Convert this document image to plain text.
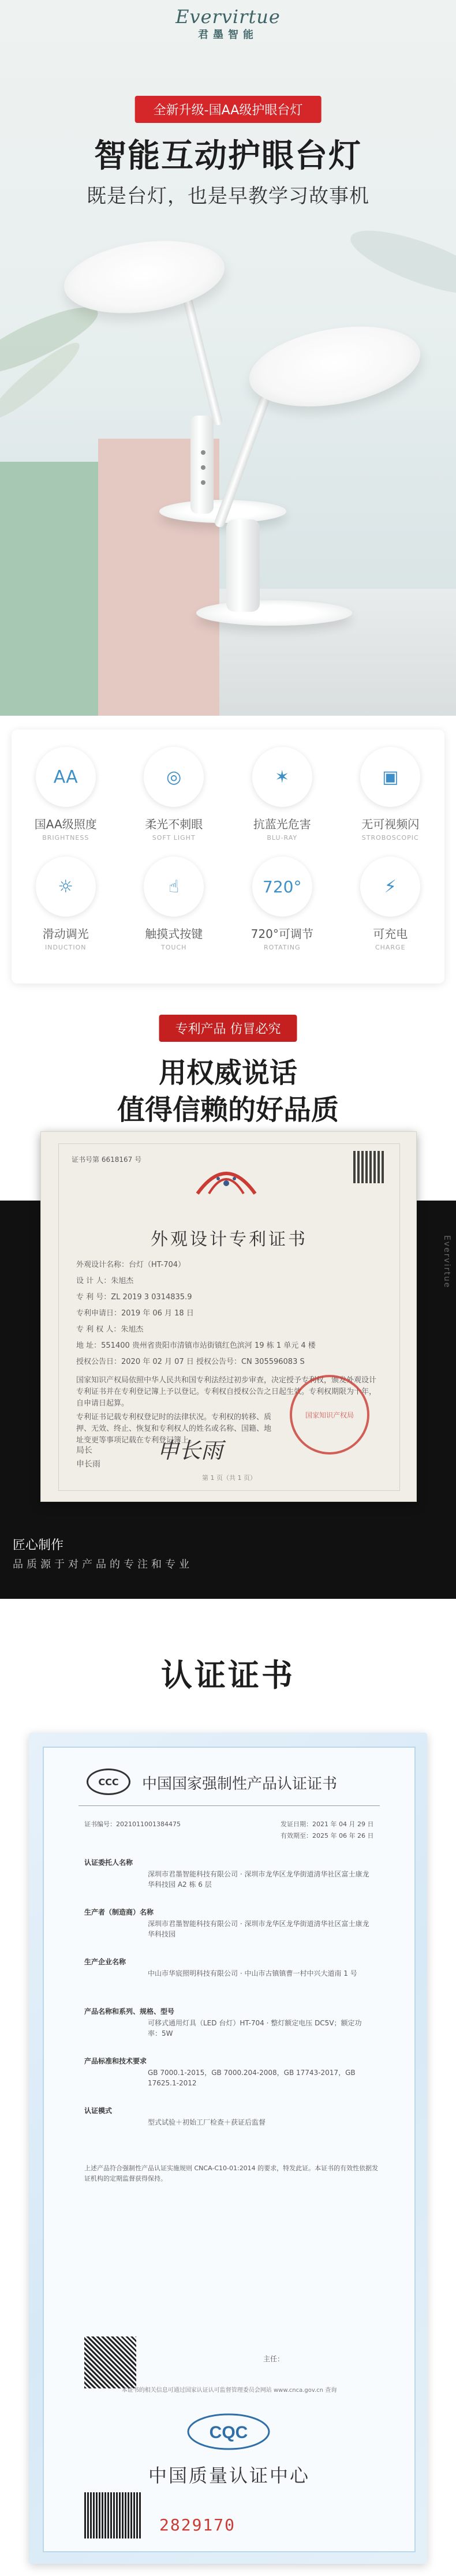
Evervirtue
君墨智能
全新升级-国AA级护眼台灯
智能互动护眼台灯
既是台灯，也是早教学习故事机
AA
国AA级照度
BRIGHTNESS
◎
柔光不刺眼
SOFT LIGHT
✶
抗蓝光危害
BLU-RAY
▣
无可视频闪
STROBOSCOPIC
☼
滑动调光
INDUCTION
☝
触摸式按键
TOUCH
720°
720°可调节
ROTATING
⚡
可充电
CHARGE
专利产品 仿冒必究
用权威说话
值得信赖的好品质
证书号第 6618167 号
外观设计专利证书
外观设计名称：台灯（HT-704）
设 计 人：朱旭杰
专 利 号：ZL 2019 3 0314835.9
专利申请日：2019 年 06 月 18 日
专 利 权 人：朱旭杰
地 址：551400 贵州省贵阳市清镇市站街镇红色滨河 19 栋 1 单元 4 楼
授权公告日：2020 年 02 月 07 日 授权公告号：CN 305596083 S
国家知识产权局依照中华人民共和国专利法经过初步审查，决定授予专利权，颁发外观设计专利证书并在专利登记簿上予以登记。专利权自授权公告之日起生效。专利权期限为十年，自申请日起算。
专利证书记载专利权登记时的法律状况。专利权的转移、质押、无效、终止、恢复和专利权人的姓名或名称、国籍、地址变更等事项记载在专利登记簿上。
国家知识产权局
局长
申长雨
申长雨
第 1 页（共 1 页）
Evervirtue
匠心制作
品质源于对产品的专注和专业
认证证书
CCC	中国国家强制性产品认证证书
证书编号：2021011001384475	发证日期：2021 年 04 月 29 日
有效期至：2025 年 06 年 26 日
认证委托人名称
深圳市君墨智能科技有限公司 · 深圳市龙华区龙华街道清华社区富士康龙华科技园 A2 栋 6 层
生产者（制造商）名称
深圳市君墨智能科技有限公司 · 深圳市龙华区龙华街道清华社区富士康龙华科技园
生产企业名称
中山市华宸照明科技有限公司 · 中山市古镇镇曹一村中兴大道南 1 号
产品名称和系列、规格、型号
可移式通用灯具（LED 台灯）HT-704 · 整灯额定电压 DC5V；额定功率：5W
产品标准和技术要求
GB 7000.1-2015，GB 7000.204-2008，GB 17743-2017，GB 17625.1-2012
认证模式
型式试验＋初始工厂检查＋获证后监督
上述产品符合强制性产品认证实施规则 CNCA-C10-01:2014 的要求，特发此证。本证书的有效性依据发证机构的定期监督获得保持。
主任：
本证书的相关信息可通过国家认证认可监督管理委员会网站 www.cnca.gov.cn 查询
CQC
中国质量认证中心
2829170
